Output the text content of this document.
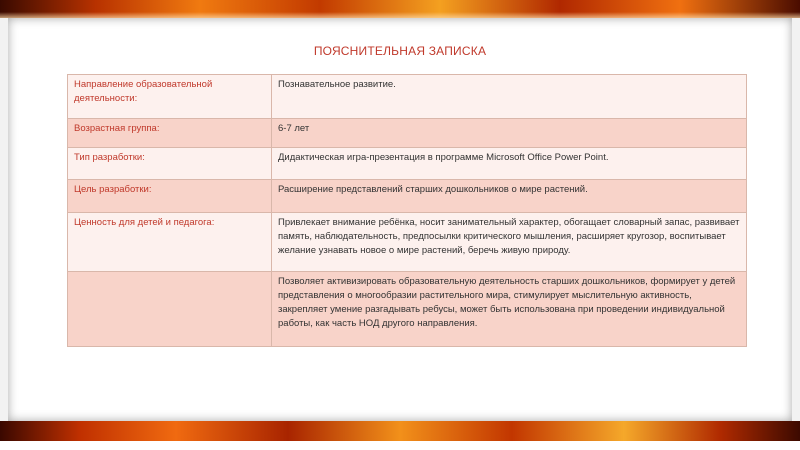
ПОЯСНИТЕЛЬНАЯ ЗАПИСКА
Направление образовательной деятельности:	Познавательное развитие.
Возрастная группа:	6-7 лет
Тип разработки:	Дидактическая игра-презентация в программе Microsoft Office Power Point.
Цель разработки:	Расширение представлений старших дошкольников о мире растений.
Ценность для детей и педагога:	Привлекает внимание ребёнка, носит занимательный характер, обогащает словарный запас, развивает память, наблюдательность, предпосылки критического мышления, расширяет кругозор, воспитывает желание узнавать новое о мире растений, беречь живую природу.
	Позволяет активизировать образовательную деятельность старших дошкольников, формирует у детей представления о многообразии растительного мира, стимулирует мыслительную активность, закрепляет умение разгадывать ребусы, может быть использована при проведении индивидуальной работы, как часть НОД другого направления.
